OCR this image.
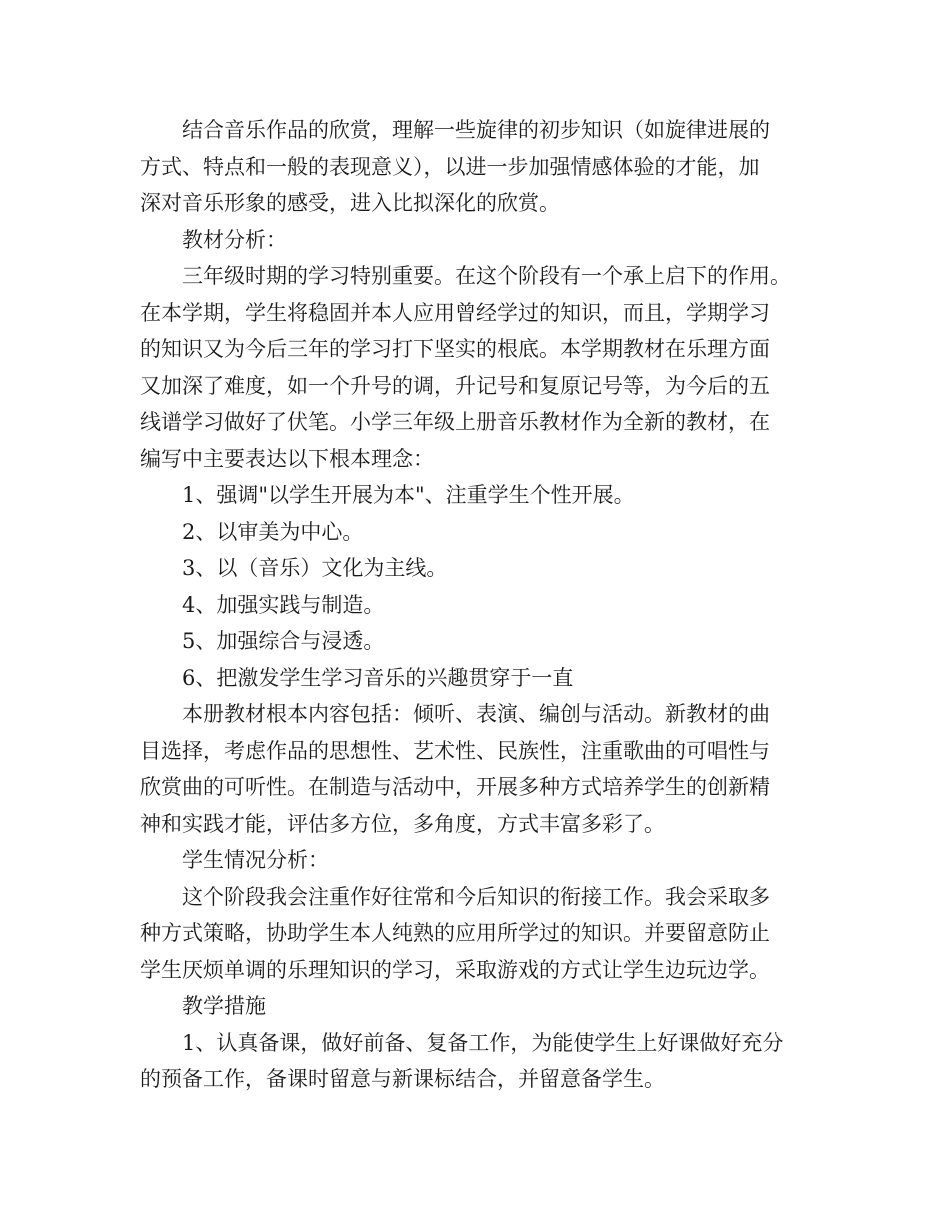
结合音乐作品的欣赏，理解一些旋律的初步知识（如旋律进展的
方式、特点和一般的表现意义），以进一步加强情感体验的才能，加
深对音乐形象的感受，进入比拟深化的欣赏。

教材分析：

三年级时期的学习特别重要。在这个阶段有一个承上启下的作用。
在本学期，学生将稳固并本人应用曾经学过的知识，而且，学期学习
的知识又为今后三年的学习打下坚实的根底。本学期教材在乐理方面
又加深了难度，如一个升号的调，升记号和复原记号等，为今后的五
线谱学习做好了伏笔。小学三年级上册音乐教材作为全新的教材，在
编写中主要表达以下根本理念：

1、强调"以学生开展为本"、注重学生个性开展。

2、以审美为中心。

3、以（音乐）文化为主线。

4、加强实践与制造。

5、加强综合与浸透。

6、把激发学生学习音乐的兴趣贯穿于一直

本册教材根本内容包括：倾听、表演、编创与活动。新教材的曲
目选择，考虑作品的思想性、艺术性、民族性，注重歌曲的可唱性与
欣赏曲的可听性。在制造与活动中，开展多种方式培养学生的创新精
神和实践才能，评估多方位，多角度，方式丰富多彩了。

学生情况分析：

这个阶段我会注重作好往常和今后知识的衔接工作。我会采取多
种方式策略，协助学生本人纯熟的应用所学过的知识。并要留意防止
学生厌烦单调的乐理知识的学习，采取游戏的方式让学生边玩边学。

教学措施

1、认真备课，做好前备、复备工作，为能使学生上好课做好充分
的预备工作，备课时留意与新课标结合，并留意备学生。
